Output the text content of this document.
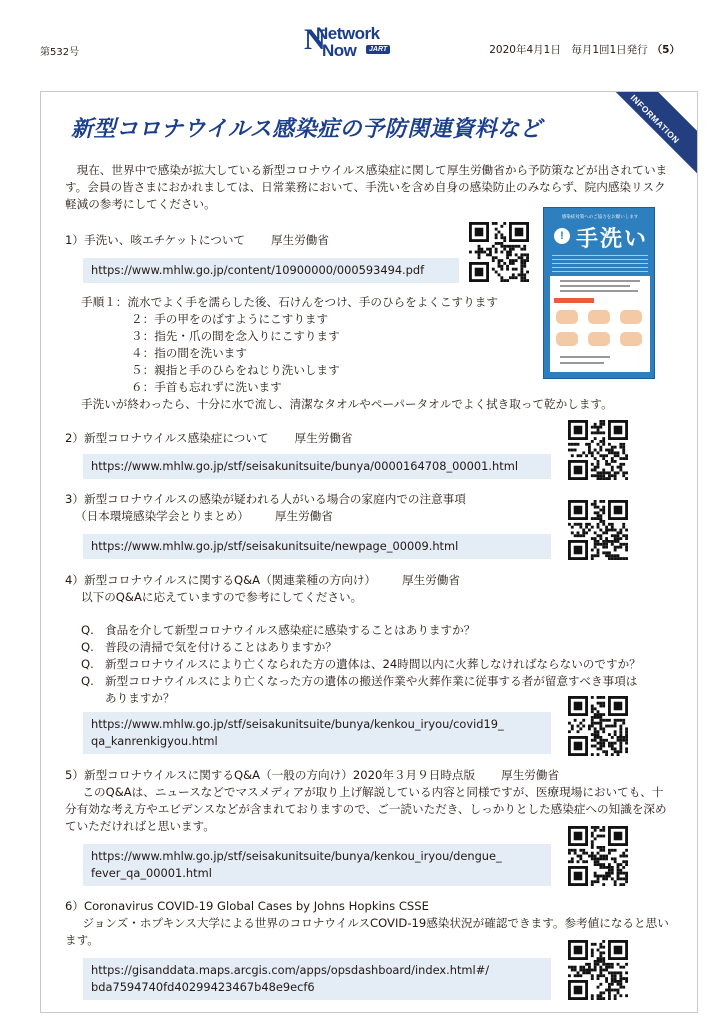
第532号	N
Network
Now	JART	2020年4月1日　毎月1回1日発行 （5）
INFORMATION
新型コロナウイルス感染症の予防関連資料など
現在、世界中で感染が拡大している新型コロナウイルス感染症に関して厚生労働省から予防策などが出されています。会員の皆さまにおかれましては、日常業務において、手洗いを含め自身の感染防止のみならず、院内感染リスク軽減の参考にしてください。
1）手洗い、咳エチケットについて 厚生労働省
https://www.mhlw.go.jp/content/10900000/000593494.pdf
手順１：流水でよく手を濡らした後、石けんをつけ、手のひらをよくこすります
２：手の甲をのばすようにこすります
３：指先・爪の間を念入りにこすります
４：指の間を洗います
５：親指と手のひらをねじり洗いします
６：手首も忘れずに洗います
手洗いが終わったら、十分に水で流し、清潔なタオルやペーパータオルでよく拭き取って乾かします。
感染症対策へのご協力をお願いします
! 手洗い
2）新型コロナウイルス感染症について 厚生労働省
https://www.mhlw.go.jp/stf/seisakunitsuite/bunya/0000164708_00001.html
3）新型コロナウイルスの感染が疑われる人がいる場合の家庭内での注意事項
（日本環境感染学会とりまとめ） 厚生労働省
https://www.mhlw.go.jp/stf/seisakunitsuite/newpage_00009.html
4）新型コロナウイルスに関するQ&A（関連業種の方向け） 厚生労働省
以下のQ&Aに応えていますので参考にしてください。
Q. 食品を介して新型コロナウイルス感染症に感染することはありますか？
Q. 普段の清掃で気を付けることはありますか？
Q. 新型コロナウイルスにより亡くなられた方の遺体は、24時間以内に火葬しなければならないのですか？
Q. 新型コロナウイルスにより亡くなった方の遺体の搬送作業や火葬作業に従事する者が留意すべき事項はありますか？
https://www.mhlw.go.jp/stf/seisakunitsuite/bunya/kenkou_iryou/covid19_
qa_kanrenkigyou.html
5）新型コロナウイルスに関するQ&A（一般の方向け）2020年３月９日時点版 厚生労働省
このQ&Aは、ニュースなどでマスメディアが取り上げ解説している内容と同様ですが、医療現場においても、十分有効な考え方やエビデンスなどが含まれておりますので、ご一読いただき、しっかりとした感染症への知識を深めていただければと思います。
https://www.mhlw.go.jp/stf/seisakunitsuite/bunya/kenkou_iryou/dengue_
fever_qa_00001.html
6）Coronavirus COVID-19 Global Cases by Johns Hopkins CSSE
ジョンズ・ホプキンス大学による世界のコロナウイルスCOVID-19感染状況が確認できます。参考値になると思います。
https://gisanddata.maps.arcgis.com/apps/opsdashboard/index.html#/
bda7594740fd40299423467b48e9ecf6
